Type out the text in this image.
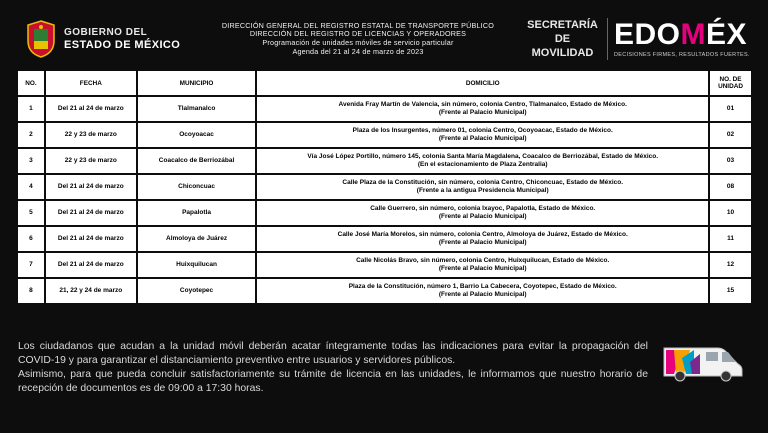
GOBIERNO DEL
ESTADO DE MÉXICO
DIRECCIÓN GENERAL DEL REGISTRO ESTATAL DE TRANSPORTE PÚBLICO
DIRECCIÓN DEL REGISTRO DE LICENCIAS Y OPERADORES
Programación de unidades móviles de servicio particular
Agenda del 21 al 24 de marzo de 2023
SECRETARÍA DE
MOVILIDAD
EDO M ÉX
DECISIONES FIRMES, RESULTADOS FUERTES.
NO.	FECHA	MUNICIPIO	DOMICILIO	NO. DE
UNIDAD

1	Del 21 al 24 de marzo	Tlalmanalco	Avenida Fray Martín de Valencia, sin número, colonia Centro, Tlalmanalco, Estado de México.
(Frente al Palacio Municipal)	01
2	22 y 23 de marzo	Ocoyoacac	Plaza de los Insurgentes, número 01, colonia Centro, Ocoyoacac, Estado de México.
(Frente al Palacio Municipal)	02
3	22 y 23 de marzo	Coacalco de Berriozábal	Vía José López Portillo, número 145, colonia Santa María Magdalena, Coacalco de Berriozábal, Estado de México.
(En el estacionamiento de Plaza Zentralia)	03
4	Del 21 al 24 de marzo	Chiconcuac	Calle Plaza de la Constitución, sin número, colonia Centro, Chiconcuac, Estado de México.
(Frente a la antigua Presidencia Municipal)	08
5	Del 21 al 24 de marzo	Papalotla	Calle Guerrero, sin número, colonia Ixayoc, Papalotla, Estado de México.
(Frente al Palacio Municipal)	10
6	Del 21 al 24 de marzo	Almoloya de Juárez	Calle José María Morelos, sin número, colonia Centro, Almoloya de Juárez, Estado de México.
(Frente al Palacio Municipal)	11
7	Del 21 al 24 de marzo	Huixquilucan	Calle Nicolás Bravo, sin número, colonia Centro, Huixquilucan, Estado de México.
(Frente al Palacio Municipal)	12
8	21, 22 y 24 de marzo	Coyotepec	Plaza de la Constitución, número 1, Barrio La Cabecera, Coyotepec, Estado de México.
(Frente al Palacio Municipal)	15

Los ciudadanos que acudan a la unidad móvil deberán acatar íntegramente todas las indicaciones para evitar la propagación del COVID-19 y para garantizar el distanciamiento preventivo entre usuarios y servidores públicos.

Asimismo, para que pueda concluir satisfactoriamente su trámite de licencia en las unidades, le informamos que nuestro horario de recepción de documentos es de 09:00 a 17:30 horas.
